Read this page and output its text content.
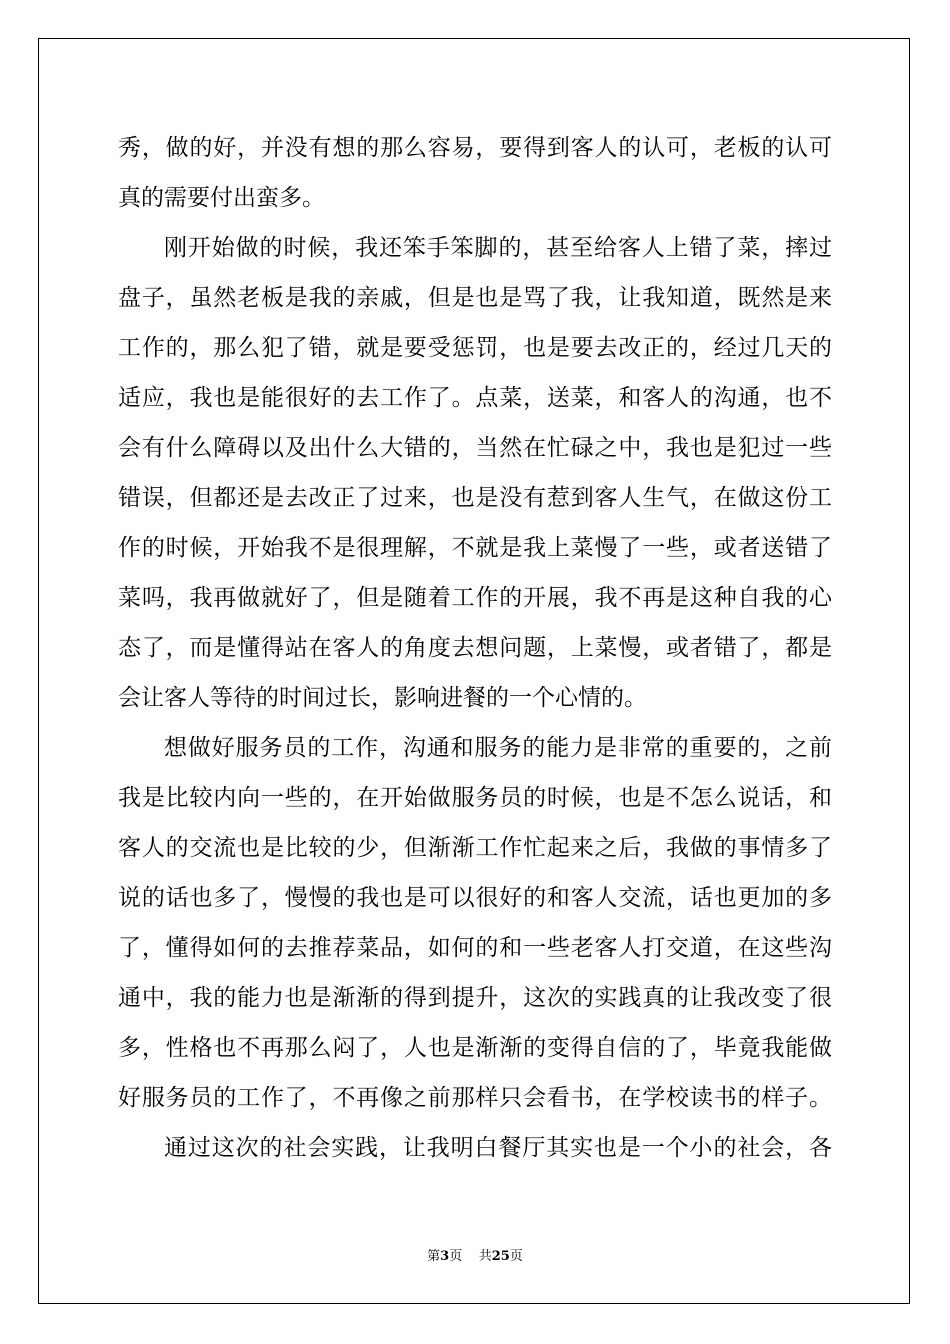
秀，做的好，并没有想的那么容易，要得到客人的认可，老板的认可
真的需要付出蛮多。
刚开始做的时候，我还笨手笨脚的，甚至给客人上错了菜，摔过
盘子，虽然老板是我的亲戚，但是也是骂了我，让我知道，既然是来
工作的，那么犯了错，就是要受惩罚，也是要去改正的，经过几天的
适应，我也是能很好的去工作了。点菜，送菜，和客人的沟通，也不
会有什么障碍以及出什么大错的，当然在忙碌之中，我也是犯过一些
错误，但都还是去改正了过来，也是没有惹到客人生气，在做这份工
作的时候，开始我不是很理解，不就是我上菜慢了一些，或者送错了
菜吗，我再做就好了，但是随着工作的开展，我不再是这种自我的心
态了，而是懂得站在客人的角度去想问题，上菜慢，或者错了，都是
会让客人等待的时间过长，影响进餐的一个心情的。
想做好服务员的工作，沟通和服务的能力是非常的重要的，之前
我是比较内向一些的，在开始做服务员的时候，也是不怎么说话，和
客人的交流也是比较的少，但渐渐工作忙起来之后，我做的事情多了
说的话也多了，慢慢的我也是可以很好的和客人交流，话也更加的多
了，懂得如何的去推荐菜品，如何的和一些老客人打交道，在这些沟
通中，我的能力也是渐渐的得到提升，这次的实践真的让我改变了很
多，性格也不再那么闷了，人也是渐渐的变得自信的了，毕竟我能做
好服务员的工作了，不再像之前那样只会看书，在学校读书的样子。
通过这次的社会实践，让我明白餐厅其实也是一个小的社会，各
第3页 共25页
